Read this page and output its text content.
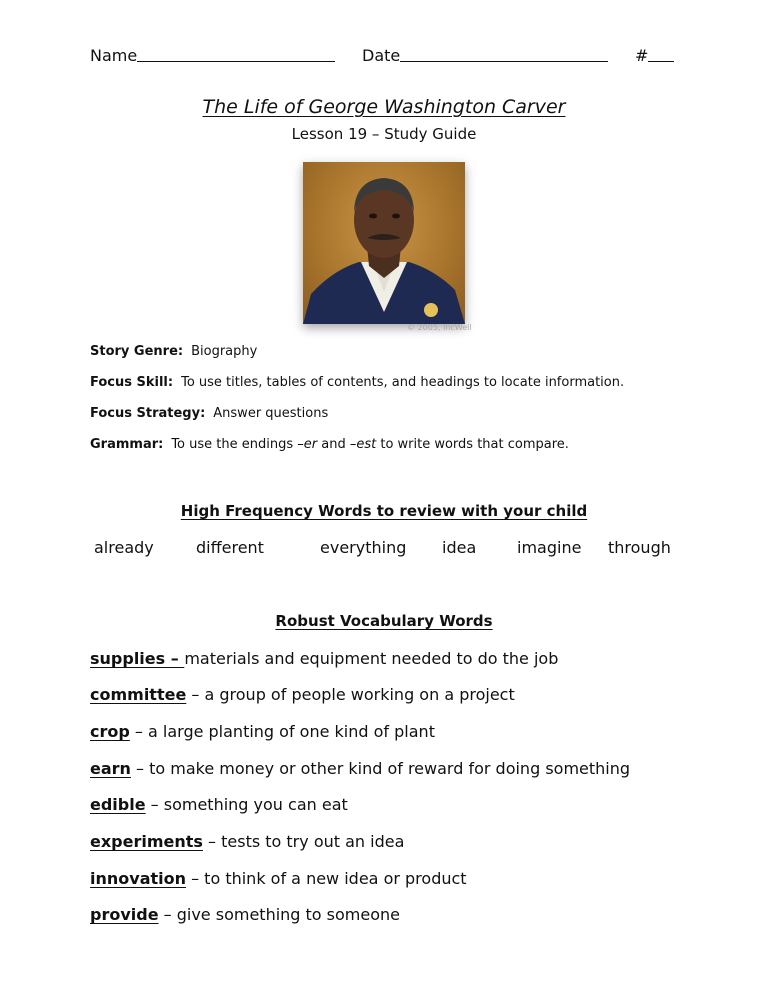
Name	Date	#
The Life of George Washington Carver
Lesson 19 – Study Guide
© 2005, IncWell
Story Genre: Biography
Focus Skill: To use titles, tables of contents, and headings to locate information.
Focus Strategy: Answer questions
Grammar: To use the endings –er and –est to write words that compare.
High Frequency Words to review with your child
already	different	everything idea	imagine through
Robust Vocabulary Words
supplies – materials and equipment needed to do the job
committee – a group of people working on a project
crop – a large planting of one kind of plant
earn – to make money or other kind of reward for doing something
edible – something you can eat
experiments – tests to try out an idea
innovation – to think of a new idea or product
provide – give something to someone
